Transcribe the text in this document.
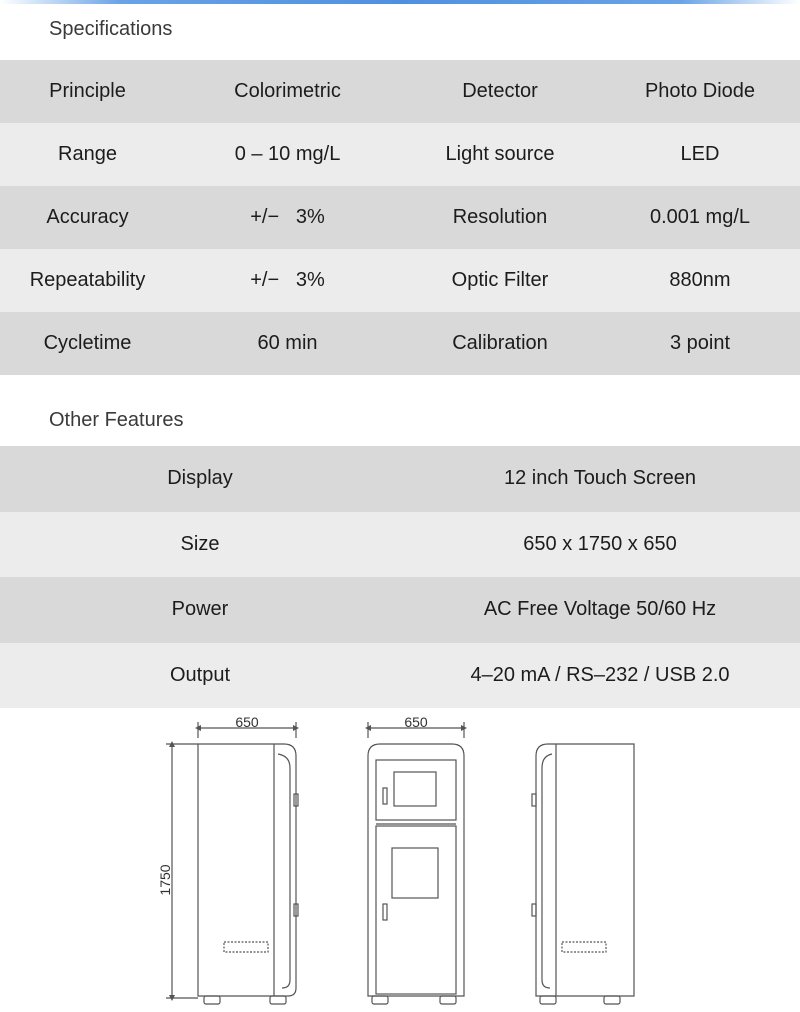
Specifications
Principle	Colorimetric	Detector	Photo Diode
Range	0 – 10 mg/L	Light source	LED
Accuracy	+/−   3%	Resolution	0.001 mg/L
Repeatability	+/−   3%	Optic Filter	880nm
Cycletime	60 min	Calibration	3 point
Other Features
Display	12 inch Touch Screen
Size	650 x 1750 x 650
Power	AC Free Voltage 50/60 Hz
Output	4–20 mA / RS–232 / USB 2.0
650
1750
650
